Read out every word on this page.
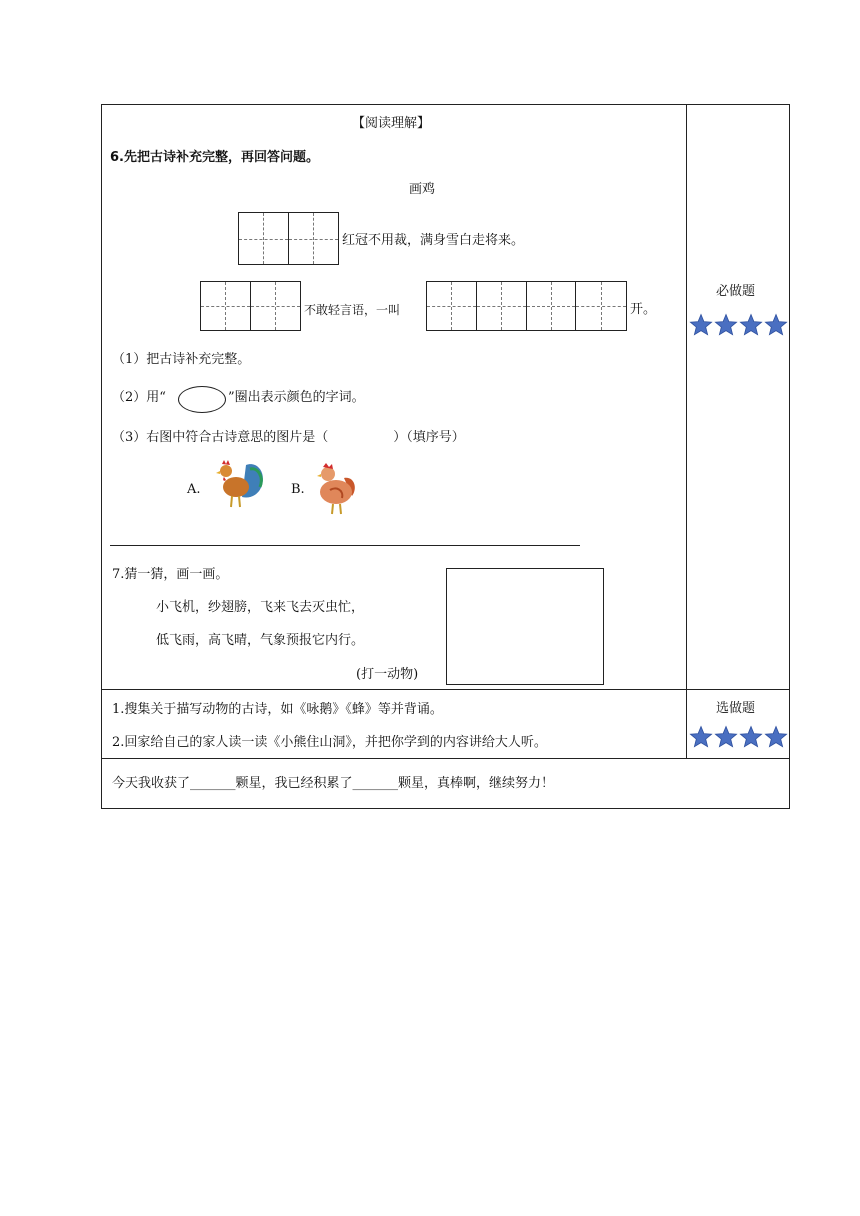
【阅读理解】
6.先把古诗补充完整，再回答问题。
画鸡
红冠不用裁，满身雪白走将来。
不敢轻言语，一叫	开。
（1）把古诗补充完整。
（2）用“	”圈出表示颜色的字词。
（3）右图中符合古诗意思的图片是（　　　　　）（填序号）
A.	B.
7.猜一猜，画一画。
小飞机，纱翅膀，飞来飞去灭虫忙，
低飞雨，高飞晴，气象预报它内行。
(打一动物)
必做题
1.搜集关于描写动物的古诗，如《咏鹅》《蜂》等并背诵。
2.回家给自己的家人读一读《小熊住山洞》，并把你学到的内容讲给大人听。
选做题
今天我收获了_______颗星，我已经积累了_______颗星，真棒啊，继续努力！
